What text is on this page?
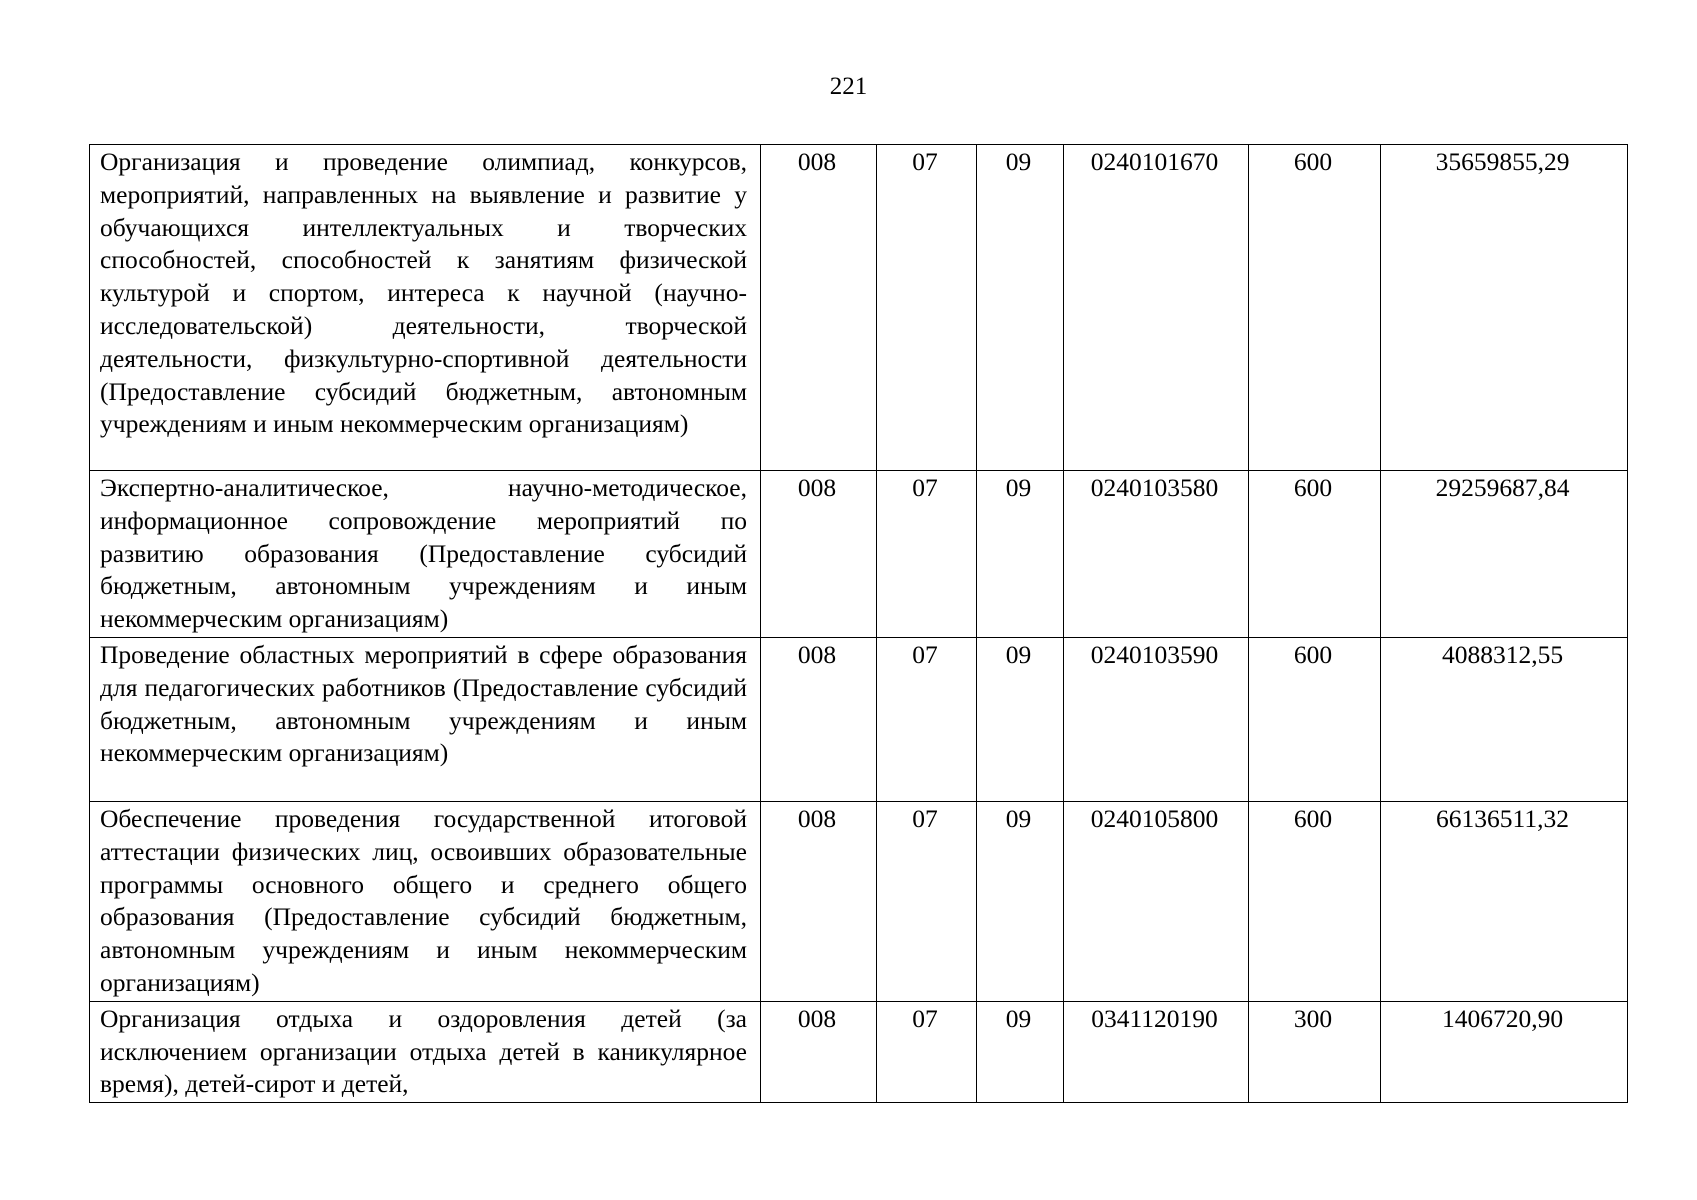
221
Организация и проведение олимпиад, конкурсов, мероприятий, направленных на выявление и развитие у обучающихся интеллектуальных и творческих способностей, способностей к занятиям физической культурой и спортом, интереса к научной (научно-исследовательской) деятельности, творческой деятельности, физкультурно-спортивной деятельности (Предоставление субсидий бюджетным, автономным учреждениям и иным некоммерческим организациям)	008	07	09	0240101670	600	35659855,29
Экспертно-аналитическое, научно-методическое, информационное сопровождение мероприятий по развитию образования (Предоставление субсидий бюджетным, автономным учреждениям и иным некоммерческим организациям)	008	07	09	0240103580	600	29259687,84
Проведение областных мероприятий в сфере образования для педагогических работников (Предоставление субсидий бюджетным, автономным учреждениям и иным некоммерческим организациям)	008	07	09	0240103590	600	4088312,55
Обеспечение проведения государственной итоговой аттестации физических лиц, освоивших образовательные программы основного общего и среднего общего образования (Предоставление субсидий бюджетным, автономным учреждениям и иным некоммерческим организациям)	008	07	09	0240105800	600	66136511,32
Организация отдыха и оздоровления детей (за исключением организации отдыха детей в каникулярное время), детей-сирот и детей,	008	07	09	0341120190	300	1406720,90
